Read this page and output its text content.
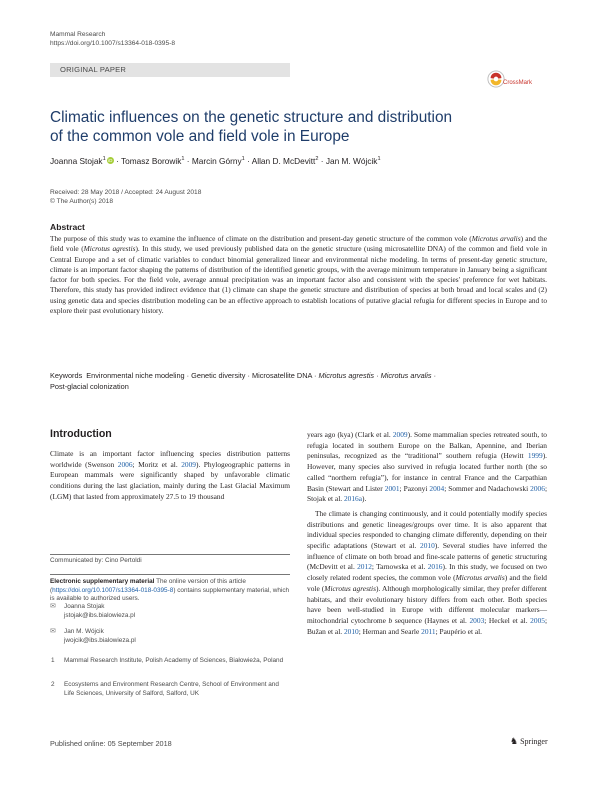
Mammal Research
https://doi.org/10.1007/s13364-018-0395-8
ORIGINAL PAPER
CrossMark
Climatic influences on the genetic structure and distribution
of the common vole and field vole in Europe
Joanna Stojak$^1$ iD · Tomasz Borowik$^1$ · Marcin Górny$^1$ · Allan D. McDevitt$^2$ · Jan M. Wójcik$^1$
Received: 28 May 2018 / Accepted: 24 August 2018
© The Author(s) 2018
Abstract
The purpose of this study was to examine the influence of climate on the distribution and present-day genetic structure of the common vole (Microtus arvalis) and the field vole (Microtus agrestis). In this study, we used previously published data on the genetic structure (using microsatellite DNA) of the common and field vole in Central Europe and a set of climatic variables to conduct binomial generalized linear and environmental niche modeling. In terms of present-day genetic structure, climate is an important factor shaping the patterns of distribution of the identified genetic groups, with the average minimum temperature in January being a significant factor for both species. For the field vole, average annual precipitation was an important factor also and consistent with the species' preference for wet habitats. Therefore, this study has provided indirect evidence that (1) climate can shape the genetic structure and distribution of species at both broad and local scales and (2) using genetic data and species distribution modeling can be an effective approach to establish locations of putative glacial refugia for different species in Europe and to explore their past evolutionary history.
Keywords Environmental niche modeling · Genetic diversity · Microsatellite DNA · Microtus agrestis · Microtus arvalis ·
Post-glacial colonization
Introduction

Climate is an important factor influencing species distribution patterns worldwide (Swenson 2006; Moritz et al. 2009). Phylogeographic patterns in European mammals were significantly shaped by unfavorable climatic conditions during the last glaciation, mainly during the Last Glacial Maximum (LGM) that lasted from approximately 27.5 to 19 thousand

years ago (kya) (Clark et al. 2009). Some mammalian species retreated south, to refugia located in southern Europe on the Balkan, Apennine, and Iberian peninsulas, recognized as the “traditional” southern refugia (Hewitt 1999). However, many species also survived in refugia located further north (the so called “northern refugia”), for instance in central France and the Carpathian Basin (Stewart and Lister 2001; Pazonyi 2004; Sommer and Nadachowski 2006; Stojak et al. 2016a).

The climate is changing continuously, and it could potentially modify species distributions and genetic lineages/groups over time. It is also apparent that individual species responded to changing climate differently, depending on their specific adaptations (Stewart et al. 2010). Several studies have inferred the influence of climate on both broad and fine-scale patterns of genetic structuring (McDevitt et al. 2012; Tarnowska et al. 2016). In this study, we focused on two closely related rodent species, the common vole (Microtus arvalis) and the field vole (Microtus agrestis). Although morphologically similar, they prefer different habitats, and their evolutionary history differs from each other. Both species have been well-studied in Europe with different molecular markers—mitochondrial cytochrome b sequence (Haynes et al. 2003; Heckel et al. 2005; Bužan et al. 2010; Herman and Searle 2011; Paupério et al.

Communicated by: Cino Pertoldi
Electronic supplementary material The online version of this article (https://doi.org/10.1007/s13364-018-0395-8) contains supplementary material, which is available to authorized users.
✉ Joanna Stojak
jstojak@ibs.bialowieza.pl
✉ Jan M. Wójcik
jwojcik@ibs.bialowieza.pl
1 Mammal Research Institute, Polish Academy of Sciences, Białowieża, Poland
2 Ecosystems and Environment Research Centre, School of Environment and Life Sciences, University of Salford, Salford, UK
Published online: 05 September 2018	♞ Springer
